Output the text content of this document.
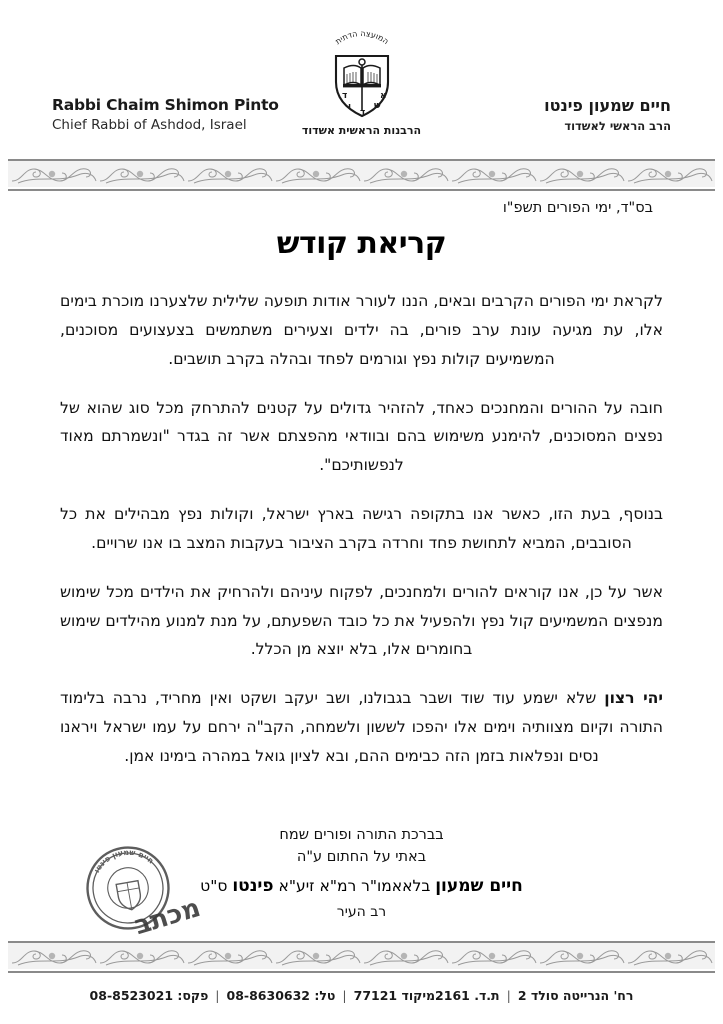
Rabbi Chaim Shimon Pinto
Chief Rabbi of Ashdod, Israel
המועצה הדתית
א
ש
ד
ו
ד
הרבנות הראשית אשדוד
חיים שמעון פינטו
הרב הראשי לאשדוד
בס"ד, ימי הפורים תשפ"ו
קריאת קודש

לקראת ימי הפורים הקרבים ובאים, הננו לעורר אודות תופעה שלילית שלצערנו מוכרת בימים אלו, עת מגיעה עונת ערב פורים, בה ילדים וצעירים משתמשים בצעצועים מסוכנים, המשמיעים קולות נפץ וגורמים לפחד ובהלה בקרב תושבים.

חובה על ההורים והמחנכים כאחד, להזהיר גדולים על קטנים להתרחק מכל סוג שהוא של נפצים המסוכנים, להימנע משימוש בהם ובוודאי מהפצתם אשר זה בגדר "ונשמרתם מאוד לנפשותיכם".

בנוסף, בעת הזו, כאשר אנו בתקופה רגישה בארץ ישראל, וקולות נפץ מבהילים את כל הסובבים, המביא לתחושת פחד וחרדה בקרב הציבור בעקבות המצב בו אנו שרויים.

אשר על כן, אנו קוראים להורים ולמחנכים, לפקוח עיניהם ולהרחיק את הילדים מכל שימוש מנפצים המשמיעים קול נפץ ולהפעיל את כל כובד השפעתם, על מנת למנוע מהילדים שימוש בחומרים אלו, בלא יוצא מן הכלל.

יהי רצון שלא ישמע עוד שוד ושבר בגבולנו, ושב יעקב ושקט ואין מחריד, נרבה בלימוד התורה וקיום מצוותיה וימים אלו יהפכו לששון ולשמחה, הקב"ה ירחם על עמו ישראל ויראנו נסים ונפלאות בזמן הזה כבימים ההם, ובא לציון גואל במהרה בימינו אמן.

בברכת התורה ופורים שמח
באתי על החתום ע"ה
חיים שמעון בלאאמו"ר רמ"א זיע"א פינטו ס"ט
רב העיר
חיים שמעון פינטו
מכתב
רח' הנרייטה סולד 2|ת.ד. 2161מיקוד 77121|טל: 08-8630632|פקס: 08-8523021
